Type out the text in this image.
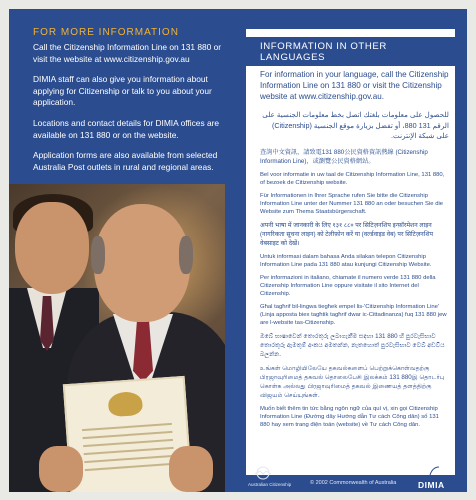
FOR MORE INFORMATION

Call the Citizenship Information Line on 131 880 or visit the website at www.citizenship.gov.au

DIMIA staff can also give you information about applying for Citizenship or talk to you about your application.

Locations and contact details for DIMIA offices are available on 131 880 or on the website.

Application forms are also available from selected Australia Post outlets in rural and regional areas.

INFORMATION IN OTHER LANGUAGES
For information in your language, call the Citizenship Information Line on 131 880 or visit the Citizenship website at www.citizenship.gov.au.
للحصول على معلومات بلغتك اتصل بخط معلومات الجنسية على الرقم 131 880، أو تفضل بزيارة موقع الجنسية (Citizenship) على شبكة الإنترنت.
查詢中文資訊，請致電131 880公民資格資訊熱線 (Citizenship Information Line)，或瀏覽公民資格網站。
Bel voor informatie in uw taal de Citizenship Information Line, 131 880, of bezoek de Citizenship website.
Für Informationen in Ihrer Sprache rufen Sie bitte die Citizenship Information Line unter der Nummer 131 880 an oder besuchen Sie die Website zum Thema Staatsbürgerschaft.
अपनी भाषा में जानकारी के लिए १३१ ८८० पर सिटिज़नशिप इन्फ़ॉरमेशन लाइन (नागरिकता सूचना लाइन) को टेलीफ़ोन करें या (वर्ल्डवाइड वेब) पर सिटिज़नशिप वेबसाइट को देखें।
Untuk informasi dalam bahasa Anda silakan telepon Citizenship Information Line pada 131 880 atau kunjungi Citizenship Website.
Per informazioni in italiano, chiamate il numero verde 131 880 della Citizenship Information Line oppure visitate il sito Internet del Citizenship.
Għal tagħrif bil-lingwa tiegħek empel lis-'Citizenship Information Line' (Linja apposta biex tagħtik tagħrif dwar ic-Cittadinanza) fuq 131 880 jew are l-website tas-Citizenship.
ඔබේ භාෂාවෙන් තොරතුරු ලබාගැනීම සඳහා 131 880 හි පුරවැසිභාව තොරතුරු ඇමතුම් අංකය අමතන්න, නැතහොත් පුරවැසිභාව වෙබ් අඩවිය බලන්න.
உங்கள் மொழியிலேயே தகவல்களைப் பெற்றுக்கொள்வதற்கு பிரஜாவுரிமைத் தகவல் தொலைபேசி இலக்கம் 131 880இ தொடர்பு கொள்க அல்லது பிரஜாவுரிமைத் தகவல் இணையத் தளத்திற்கு விஜயம் செய்யுங்கள்.
Muốn biết thêm tin tức bằng ngôn ngữ của quí vị, xin gọi Citizenship Information Line (Đường dây Hướng dẫn Tư cách Công dân) số 131 880 hay xem trang điện toán (website) về Tư cách Công dân.
Australian Citizenship	© 2002 Commonwealth of Australia	DIMIA
